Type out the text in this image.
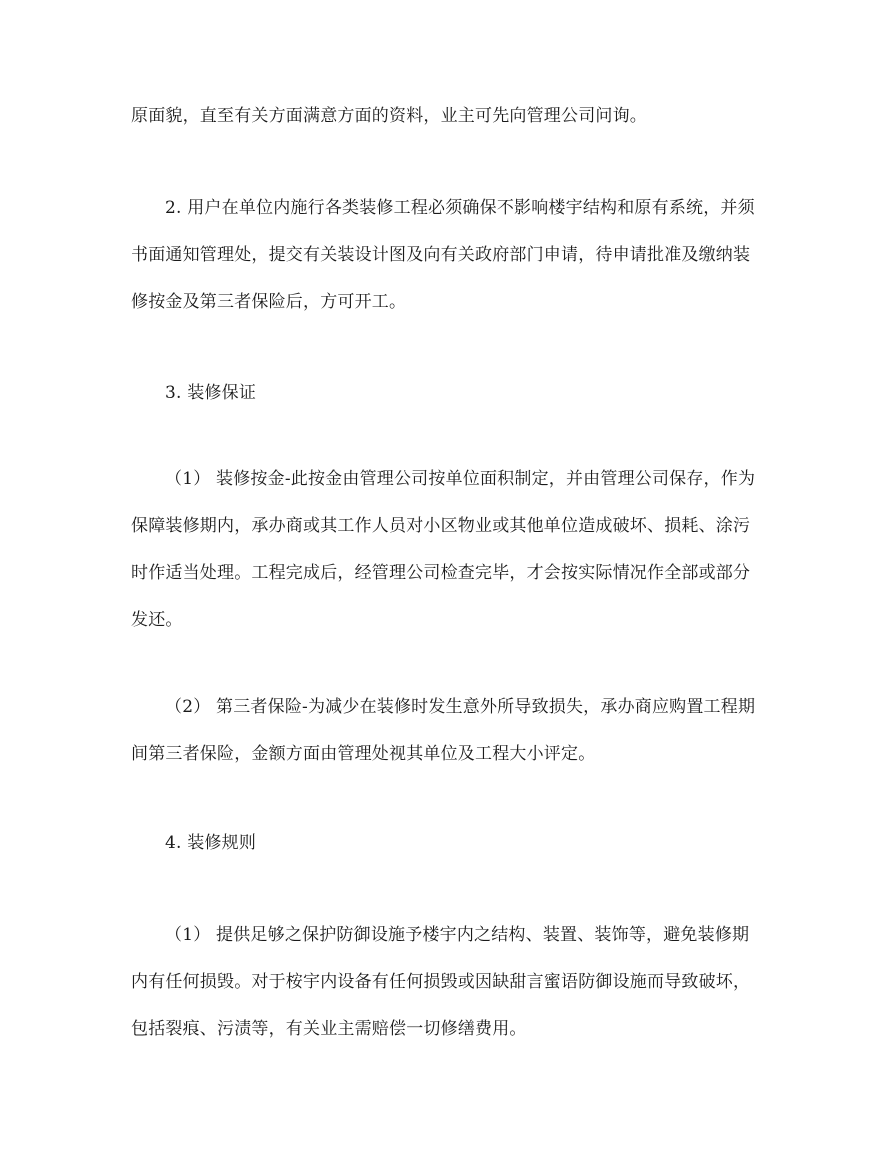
原面貌，直至有关方面满意方面的资料，业主可先向管理公司问询。
2. 用户在单位内施行各类装修工程必须确保不影响楼宇结构和原有系统，并须
书面通知管理处，提交有关装设计图及向有关政府部门申请，待申请批准及缴纳装
修按金及第三者保险后，方可开工。
3. 装修保证
（1） 装修按金-此按金由管理公司按单位面积制定，并由管理公司保存，作为
保障装修期内，承办商或其工作人员对小区物业或其他单位造成破坏、损耗、涂污
时作适当处理。工程完成后，经管理公司检查完毕，才会按实际情况作全部或部分
发还。
（2） 第三者保险-为减少在装修时发生意外所导致损失，承办商应购置工程期
间第三者保险，金额方面由管理处视其单位及工程大小评定。
4. 装修规则
（1） 提供足够之保护防御设施予楼宇内之结构、装置、装饰等，避免装修期
内有任何损毁。对于桉宇内设备有任何损毁或因缺甜言蜜语防御设施而导致破坏，
包括裂痕、污渍等，有关业主需赔偿一切修缮费用。
